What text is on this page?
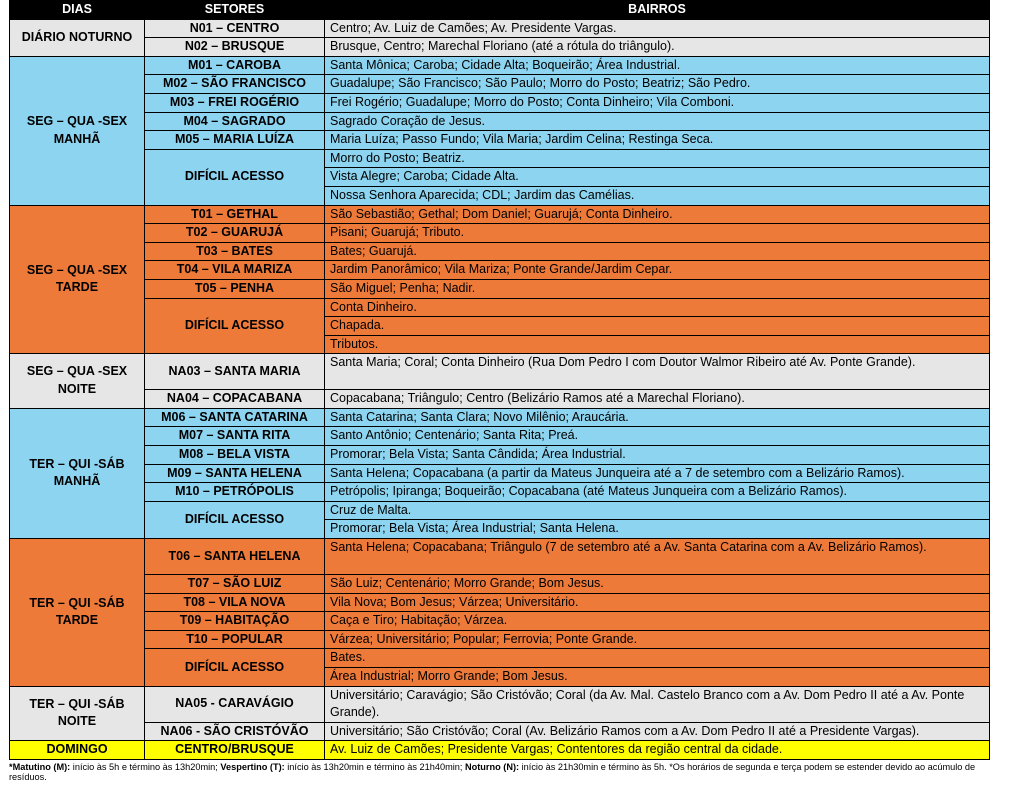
DIAS	SETORES	BAIRROS
DIÁRIO NOTURNO	N01 – CENTRO	Centro; Av. Luiz de Camões; Av. Presidente Vargas.
	N02 – BRUSQUE	Brusque, Centro; Marechal Floriano (até a rótula do triângulo).
SEG – QUA -SEX
MANHÃ	M01 – CAROBA	Santa Mônica; Caroba; Cidade Alta; Boqueirão; Área Industrial.
	M02 – SÃO FRANCISCO	Guadalupe; São Francisco; São Paulo; Morro do Posto; Beatriz; São Pedro.
	M03 – FREI ROGÉRIO	Frei Rogério; Guadalupe; Morro do Posto; Conta Dinheiro; Vila Comboni.
	M04 – SAGRADO	Sagrado Coração de Jesus.
	M05 – MARIA LUÍZA	Maria Luíza; Passo Fundo; Vila Maria; Jardim Celina; Restinga Seca.
	DIFÍCIL ACESSO	Morro do Posto; Beatriz.
		Vista Alegre; Caroba; Cidade Alta.
		Nossa Senhora Aparecida; CDL; Jardim das Camélias.
SEG – QUA -SEX
TARDE	T01 – GETHAL	São Sebastião; Gethal; Dom Daniel; Guarujá; Conta Dinheiro.
	T02 – GUARUJÁ	Pisani; Guarujá; Tributo.
	T03 – BATES	Bates; Guarujá.
	T04 – VILA MARIZA	Jardim Panorâmico; Vila Mariza; Ponte Grande/Jardim Cepar.
	T05 – PENHA	São Miguel; Penha; Nadir.
	DIFÍCIL ACESSO	Conta Dinheiro.
		Chapada.
		Tributos.
SEG – QUA -SEX
NOITE	NA03 – SANTA MARIA	Santa Maria; Coral; Conta Dinheiro (Rua Dom Pedro I com Doutor Walmor Ribeiro até Av. Ponte Grande).
	NA04 – COPACABANA	Copacabana; Triângulo; Centro (Belizário Ramos até a Marechal Floriano).
TER – QUI -SÁB
MANHÃ	M06 – SANTA CATARINA	Santa Catarina; Santa Clara; Novo Milênio; Araucária.
	M07 – SANTA RITA	Santo Antônio; Centenário; Santa Rita; Preá.
	M08 – BELA VISTA	Promorar; Bela Vista; Santa Cândida; Área Industrial.
	M09 – SANTA HELENA	Santa Helena; Copacabana (a partir da Mateus Junqueira até a 7 de setembro com a Belizário Ramos).
	M10 – PETRÓPOLIS	Petrópolis; Ipiranga; Boqueirão; Copacabana (até Mateus Junqueira com a Belizário Ramos).
	DIFÍCIL ACESSO	Cruz de Malta.
		Promorar; Bela Vista; Área Industrial; Santa Helena.
TER – QUI -SÁB
TARDE	T06 – SANTA HELENA	Santa Helena; Copacabana; Triângulo (7 de setembro até a Av. Santa Catarina com a Av. Belizário Ramos).
	T07 – SÃO LUIZ	São Luiz; Centenário; Morro Grande; Bom Jesus.
	T08 – VILA NOVA	Vila Nova; Bom Jesus; Várzea; Universitário.
	T09 – HABITAÇÃO	Caça e Tiro; Habitação; Várzea.
	T10 – POPULAR	Várzea; Universitário; Popular; Ferrovia; Ponte Grande.
	DIFÍCIL ACESSO	Bates.
		Área Industrial; Morro Grande; Bom Jesus.
TER – QUI -SÁB
NOITE	NA05 - CARAVÁGIO	Universitário; Caravágio; São Cristóvão; Coral (da Av. Mal. Castelo Branco com a Av. Dom Pedro II até a Av. Ponte Grande).
	NA06 - SÃO CRISTÓVÃO	Universitário; São Cristóvão; Coral (Av. Belizário Ramos com a Av. Dom Pedro II até a Presidente Vargas).
DOMINGO	CENTRO/BRUSQUE	Av. Luiz de Camões; Presidente Vargas; Contentores da região central da cidade.
*Matutino (M): início às 5h e término às 13h20min; Vespertino (T): início às 13h20min e término às 21h40min; Noturno (N): início às 21h30min e término às 5h. *Os horários de segunda e terça podem se estender devido ao acúmulo de resíduos.
